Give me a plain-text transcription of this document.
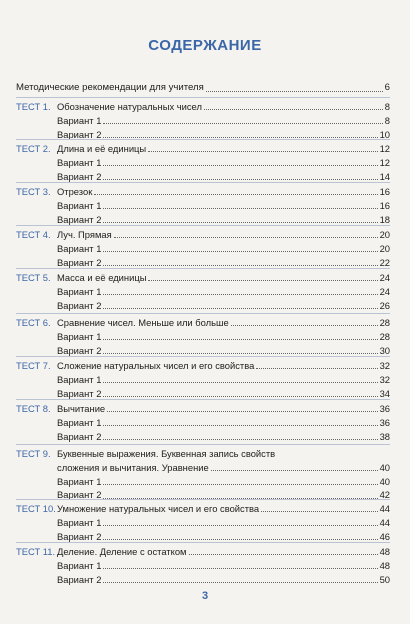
СОДЕРЖАНИЕ
Методические рекомендации для учителя	6
ТЕСТ 1. Обозначение натуральных чисел	8
Вариант 1	8
Вариант 2	10
ТЕСТ 2. Длина и её единицы	12
Вариант 1	12
Вариант 2	14
ТЕСТ 3. Отрезок	16
Вариант 1	16
Вариант 2	18
ТЕСТ 4. Луч. Прямая	20
Вариант 1	20
Вариант 2	22
ТЕСТ 5. Масса и её единицы	24
Вариант 1	24
Вариант 2	26
ТЕСТ 6. Сравнение чисел. Меньше или больше	28
Вариант 1	28
Вариант 2	30
ТЕСТ 7. Сложение натуральных чисел и его свойства	32
Вариант 1	32
Вариант 2	34
ТЕСТ 8. Вычитание	36
Вариант 1	36
Вариант 2	38
ТЕСТ 9. Буквенные выражения. Буквенная запись свойств
сложения и вычитания. Уравнение	40
Вариант 1	40
Вариант 2	42
ТЕСТ 10. Умножение натуральных чисел и его свойства	44
Вариант 1	44
Вариант 2	46
ТЕСТ 11. Деление. Деление с остатком	48
Вариант 1	48
Вариант 2	50
3
